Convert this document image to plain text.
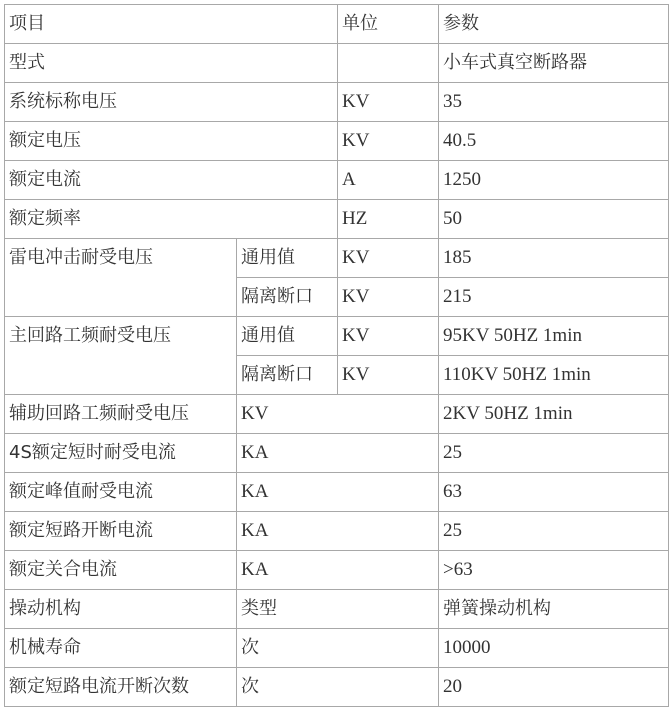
项目		单位	参数
型式			小车式真空断路器
系统标称电压		KV	35
额定电压		KV	40.5
额定电流		A	1250
额定频率		HZ	50
雷电冲击耐受电压	通用值	KV	185
	隔离断口	KV	215
主回路工频耐受电压	通用值	KV	95KV 50HZ 1min
	隔离断口	KV	110KV 50HZ 1min
辅助回路工频耐受电压	KV		2KV 50HZ 1min
4S额定短时耐受电流	KA		25
额定峰值耐受电流	KA		63
额定短路开断电流	KA		25
额定关合电流	KA		>63
操动机构	类型		弹簧操动机构
机械寿命	次		10000
额定短路电流开断次数	次		20
